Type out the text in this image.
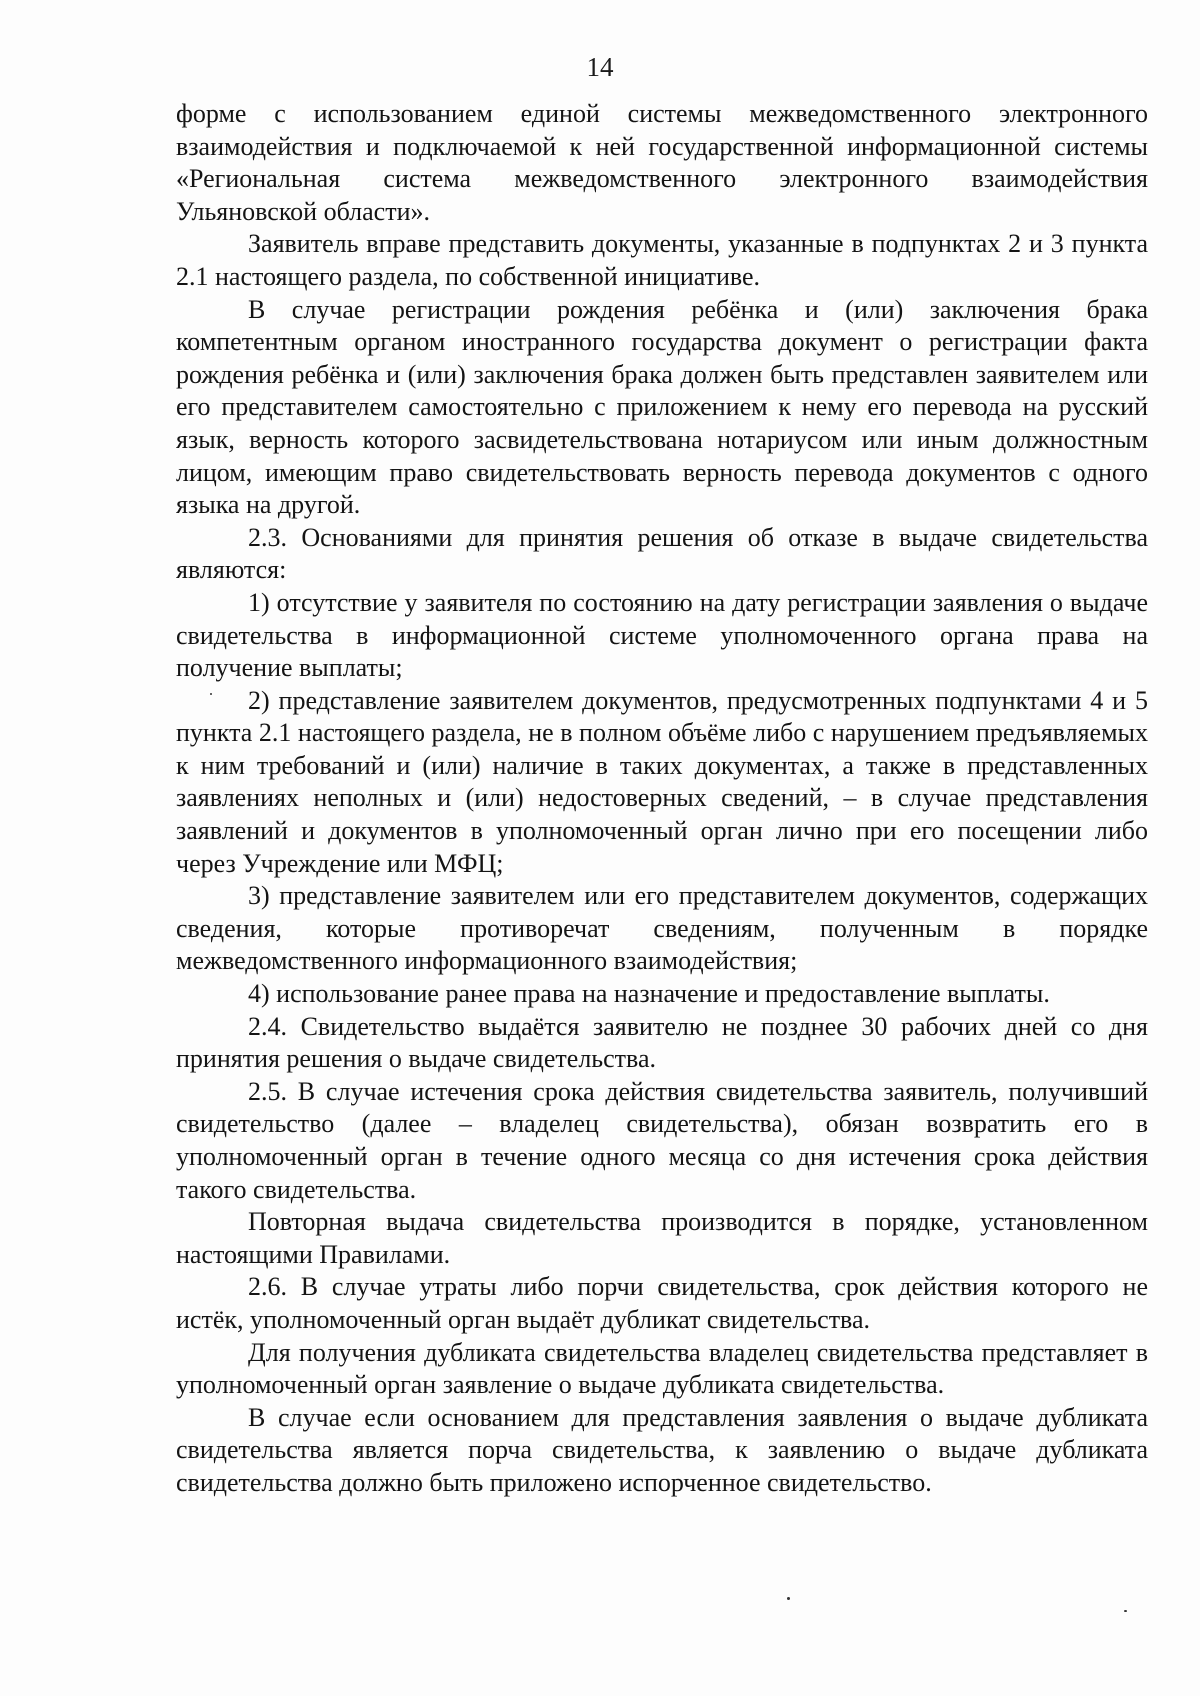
14

форме с использованием единой системы межведомственного электронного взаимодействия и подключаемой к ней государственной информационной системы «Региональная система межведомственного электронного взаимодействия Ульяновской области».

Заявитель вправе представить документы, указанные в подпунктах 2 и 3 пункта 2.1 настоящего раздела, по собственной инициативе.

В случае регистрации рождения ребёнка и (или) заключения брака компетентным органом иностранного государства документ о регистрации факта рождения ребёнка и (или) заключения брака должен быть представлен заявителем или его представителем самостоятельно с приложением к нему его перевода на русский язык, верность которого засвидетельствована нотариусом или иным должностным лицом, имеющим право свидетельствовать верность перевода документов с одного языка на другой.

2.3. Основаниями для принятия решения об отказе в выдаче свидетельства являются:

1) отсутствие у заявителя по состоянию на дату регистрации заявления о выдаче свидетельства в информационной системе уполномоченного органа права на получение выплаты;

2) представление заявителем документов, предусмотренных подпунктами 4 и 5 пункта 2.1 настоящего раздела, не в полном объёме либо с нарушением предъявляемых к ним требований и (или) наличие в таких документах, а также в представленных заявлениях неполных и (или) недостоверных сведений, – в случае представления заявлений и документов в уполномоченный орган лично при его посещении либо через Учреждение или МФЦ;

3) представление заявителем или его представителем документов, содержащих сведения, которые противоречат сведениям, полученным в порядке межведомственного информационного взаимодействия;

4) использование ранее права на назначение и предоставление выплаты.

2.4. Свидетельство выдаётся заявителю не позднее 30 рабочих дней со дня принятия решения о выдаче свидетельства.

2.5. В случае истечения срока действия свидетельства заявитель, получивший свидетельство (далее – владелец свидетельства), обязан возвратить его в уполномоченный орган в течение одного месяца со дня истечения срока действия такого свидетельства.

Повторная выдача свидетельства производится в порядке, установленном настоящими Правилами.

2.6. В случае утраты либо порчи свидетельства, срок действия которого не истёк, уполномоченный орган выдаёт дубликат свидетельства.

Для получения дубликата свидетельства владелец свидетельства представляет в уполномоченный орган заявление о выдаче дубликата свидетельства.

В случае если основанием для представления заявления о выдаче дубликата свидетельства является порча свидетельства, к заявлению о выдаче дубликата свидетельства должно быть приложено испорченное свидетельство.
